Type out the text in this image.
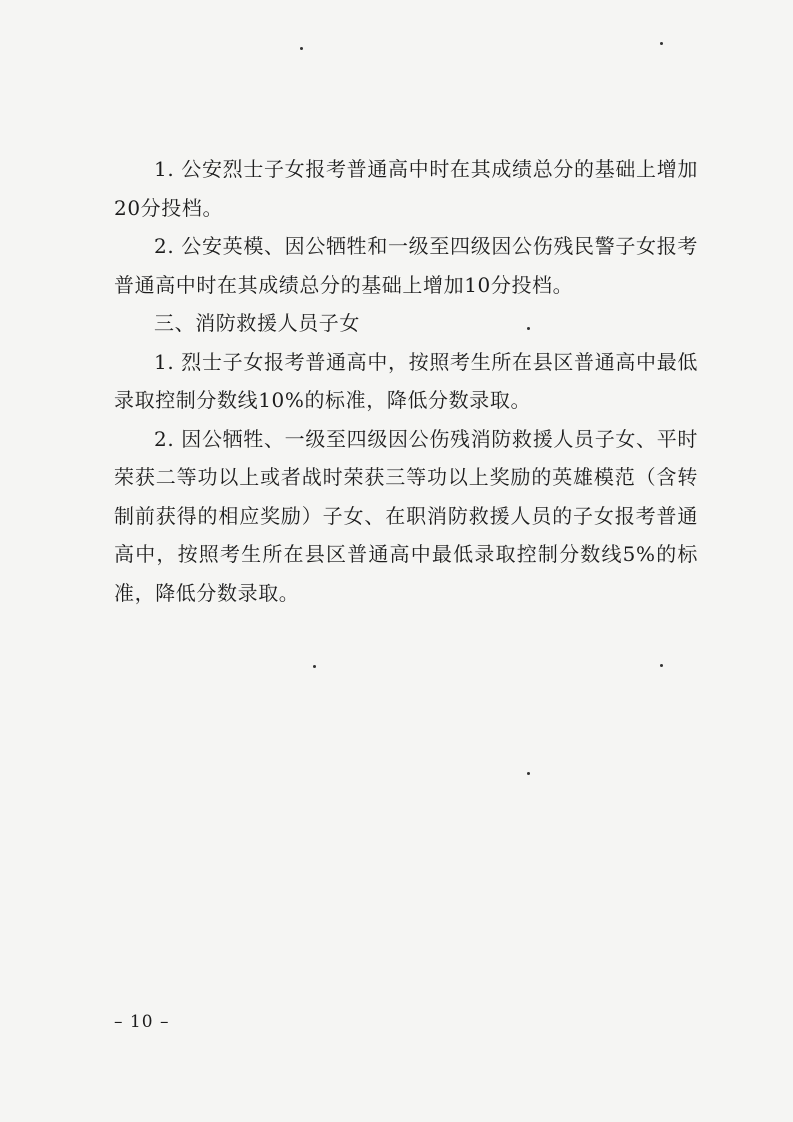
1. 公安烈士子女报考普通高中时在其成绩总分的基础上增加20分投档。

2. 公安英模、因公牺牲和一级至四级因公伤残民警子女报考普通高中时在其成绩总分的基础上增加10分投档。

三、消防救援人员子女

1. 烈士子女报考普通高中，按照考生所在县区普通高中最低录取控制分数线10%的标准，降低分数录取。

2. 因公牺牲、一级至四级因公伤残消防救援人员子女、平时荣获二等功以上或者战时荣获三等功以上奖励的英雄模范（含转制前获得的相应奖励）子女、在职消防救援人员的子女报考普通高中，按照考生所在县区普通高中最低录取控制分数线5%的标准，降低分数录取。

– 10 –
